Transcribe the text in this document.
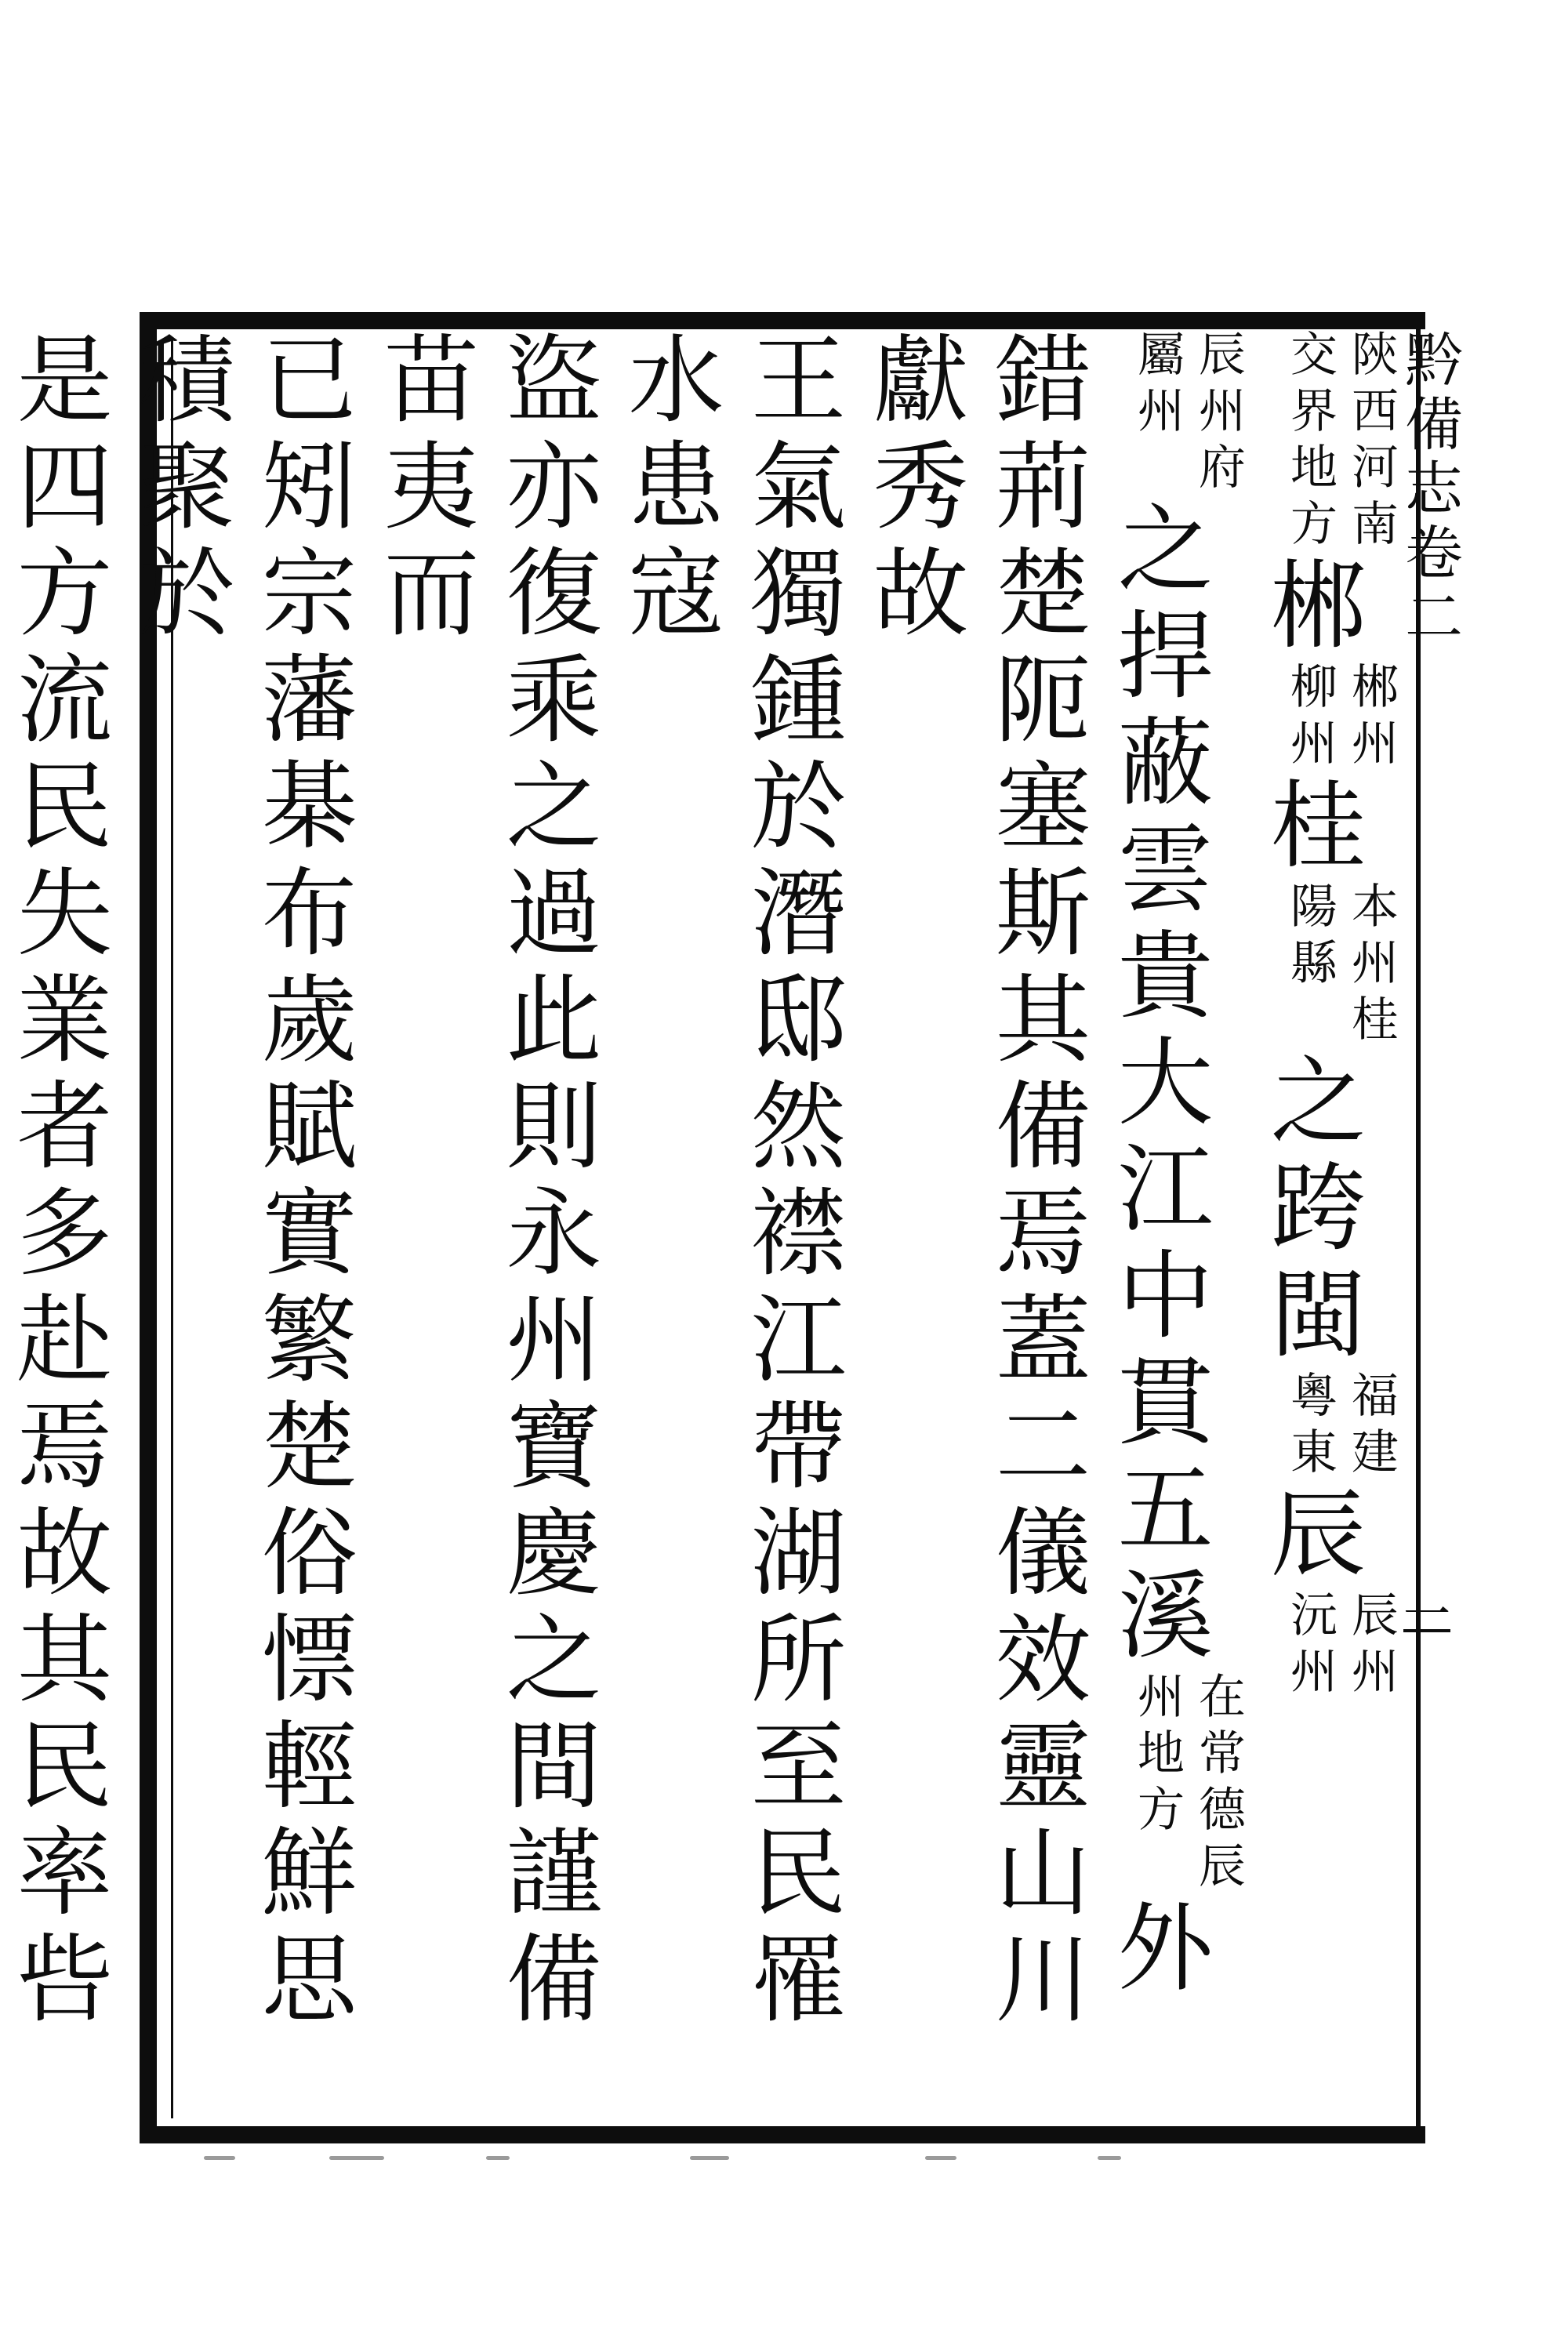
黔備志卷二
一
陝西河南
交界地方
郴
郴州
柳州
桂
本州桂
陽縣
之跨閩
福建
粵東
辰
辰州
沅州
辰州府
屬州
之捍蔽雲貴大江中貫五溪
在常德辰
州地方
外
錯荊楚阨塞斯其備焉蓋二儀效靈山川獻秀故
王氣獨鍾於潛邸然襟江帶湖所至民罹水患寇
盜亦復乘之過此則永州寶慶之間謹備苗夷而
已矧宗藩棊布歲賦實繁楚俗慓輕鮮思積聚於
是四方流民失業者多赴焉故其民率呰
